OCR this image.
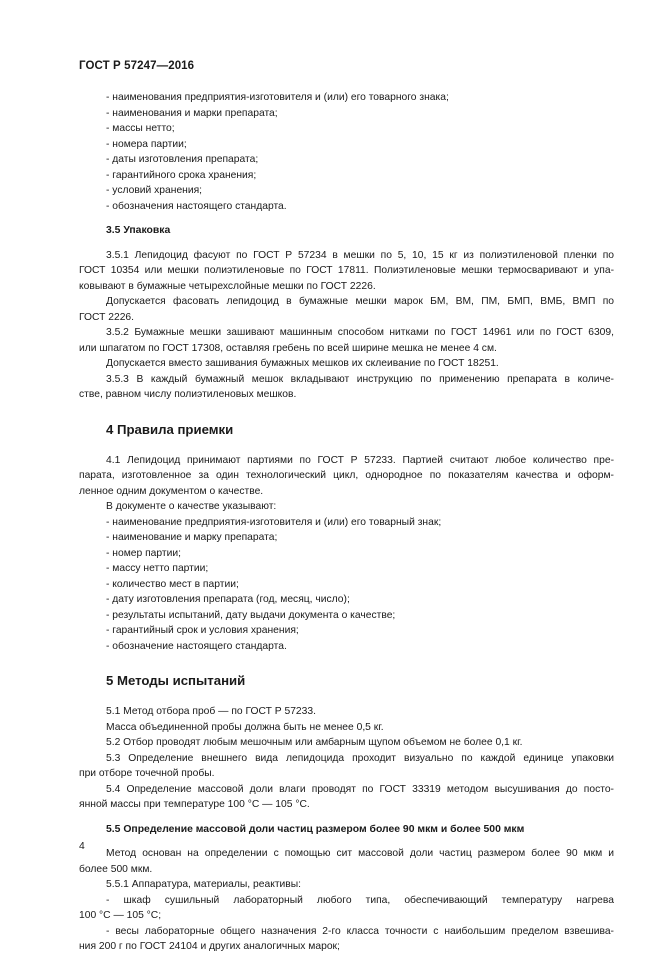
ГОСТ Р 57247—2016
- наименования предприятия-изготовителя и (или) его товарного знака;
- наименования и марки препарата;
- массы нетто;
- номера партии;
- даты изготовления препарата;
- гарантийного срока хранения;
- условий хранения;
- обозначения настоящего стандарта.
3.5 Упаковка
3.5.1 Лепидоцид фасуют по ГОСТ Р 57234 в мешки по 5, 10, 15 кг из полиэтиленовой пленки по
ГОСТ 10354 или мешки полиэтиленовые по ГОСТ 17811. Полиэтиленовые мешки термосваривают и упа-
ковывают в бумажные четырехслойные мешки по ГОСТ 2226.
Допускается фасовать лепидоцид в бумажные мешки марок БМ, ВМ, ПМ, БМП, ВМБ, ВМП по
ГОСТ 2226.
3.5.2 Бумажные мешки зашивают машинным способом нитками по ГОСТ 14961 или по ГОСТ 6309,
или шпагатом по ГОСТ 17308, оставляя гребень по всей ширине мешка не менее 4 см.
Допускается вместо зашивания бумажных мешков их склеивание по ГОСТ 18251.
3.5.3 В каждый бумажный мешок вкладывают инструкцию по применению препарата в количе-
стве, равном числу полиэтиленовых мешков.
4 Правила приемки
4.1 Лепидоцид принимают партиями по ГОСТ Р 57233. Партией считают любое количество пре-
парата, изготовленное за один технологический цикл, однородное по показателям качества и оформ-
ленное одним документом о качестве.
В документе о качестве указывают:
- наименование предприятия-изготовителя и (или) его товарный знак;
- наименование и марку препарата;
- номер партии;
- массу нетто партии;
- количество мест в партии;
- дату изготовления препарата (год, месяц, число);
- результаты испытаний, дату выдачи документа о качестве;
- гарантийный срок и условия хранения;
- обозначение настоящего стандарта.
5 Методы испытаний
5.1 Метод отбора проб — по ГОСТ Р 57233.
Масса объединенной пробы должна быть не менее 0,5 кг.
5.2 Отбор проводят любым мешочным или амбарным щупом объемом не более 0,1 кг.
5.3 Определение внешнего вида лепидоцида проходит визуально по каждой единице упаковки
при отборе точечной пробы.
5.4 Определение массовой доли влаги проводят по ГОСТ 33319 методом высушивания до посто-
янной массы при температуре 100 °С — 105 °С.
5.5 Определение массовой доли частиц размером более 90 мкм и более 500 мкм
Метод основан на определении с помощью сит массовой доли частиц размером более 90 мкм и
более 500 мкм.
5.5.1 Аппаратура, материалы, реактивы:
- шкаф сушильный лабораторный любого типа, обеспечивающий температуру нагрева
100 °С — 105 °С;
- весы лабораторные общего назначения 2-го класса точности с наибольшим пределом взвешива-
ния 200 г по ГОСТ 24104 и других аналогичных марок;
4
